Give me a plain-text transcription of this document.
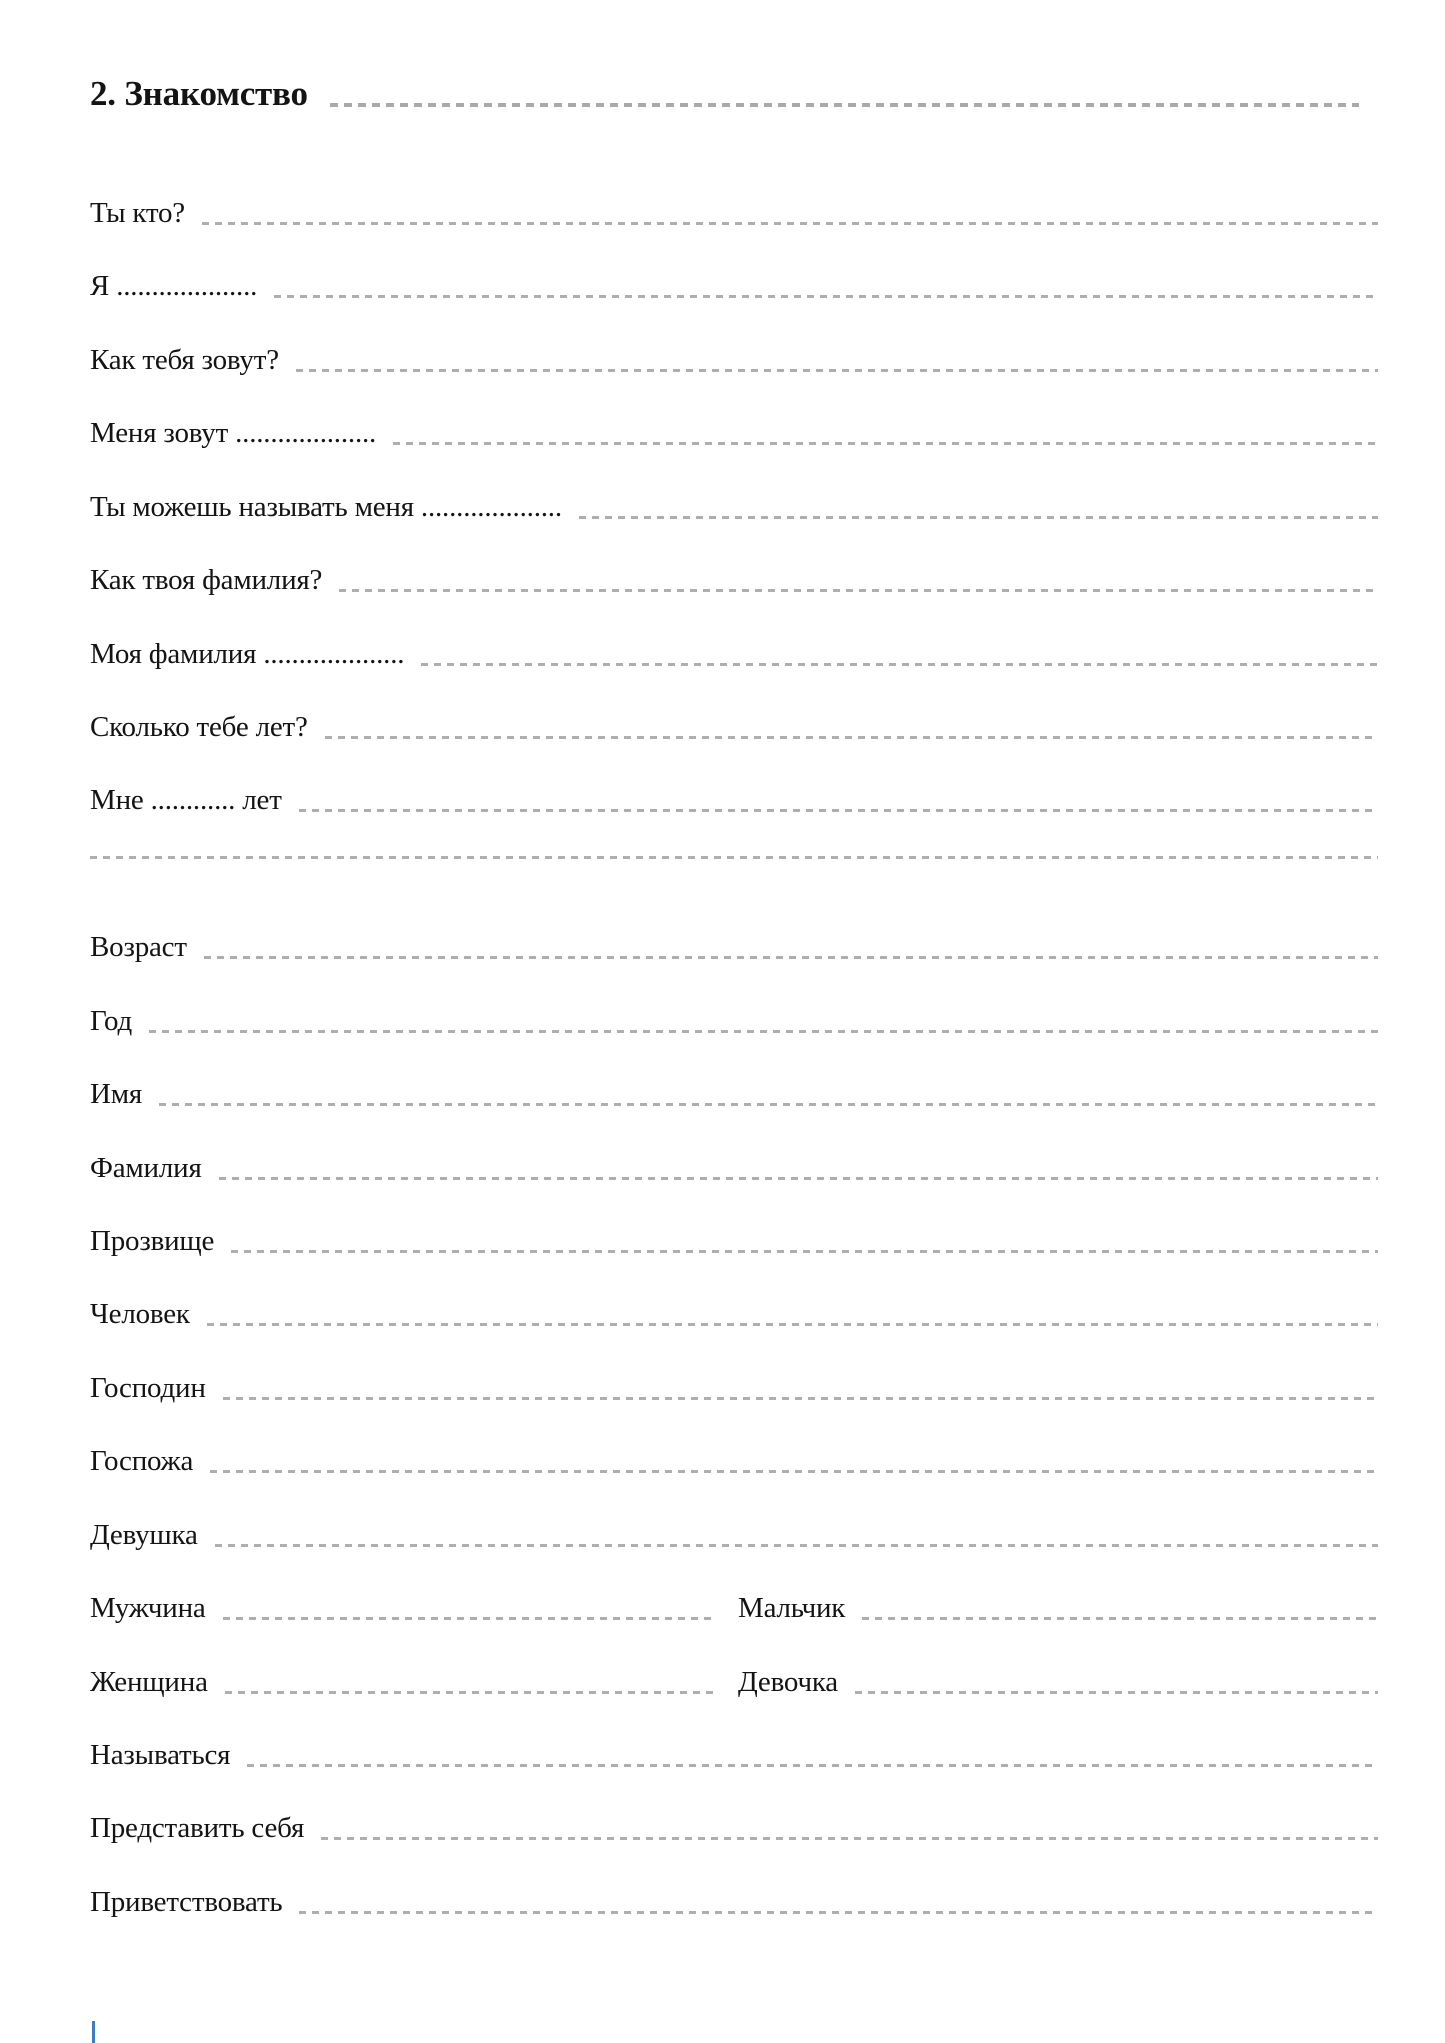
2. Знакомство
Ты кто?
Я ....................
Как тебя зовут?
Меня зовут ....................
Ты можешь называть меня ....................
Как твоя фамилия?
Моя фамилия ....................
Сколько тебе лет?
Мне ............ лет
Возраст
Год
Имя
Фамилия
Прозвище
Человек
Господин
Госпожа
Девушка
Мужчина	Мальчик
Женщина	Девочка
Называться
Представить себя
Приветствовать
